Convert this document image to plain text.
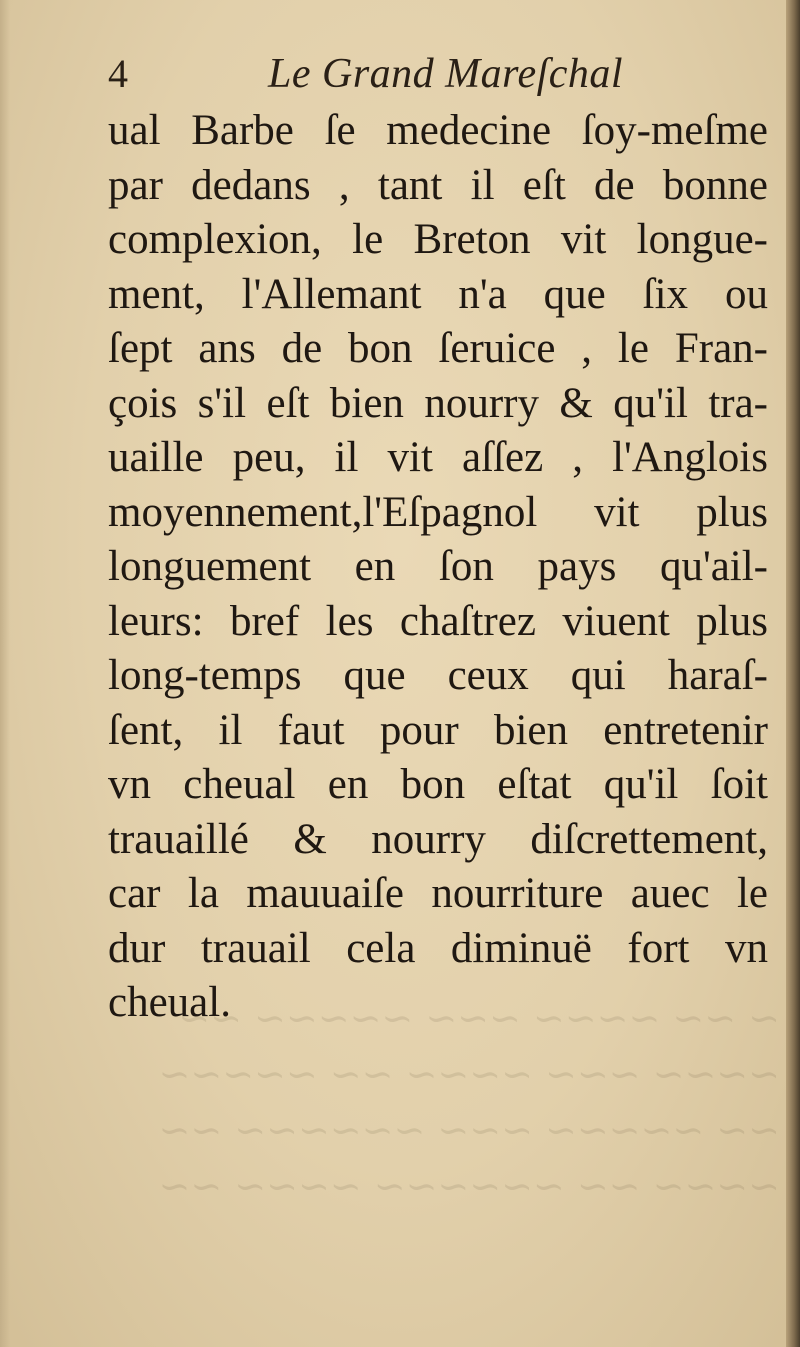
~ ~~ ~~~~ ~~~ ~~~~~ ~~
~~~~ ~~~ ~~~~ ~~ ~~~~~
~~ ~~~~~ ~~~ ~~~~~~ ~~
~~~~ ~~ ~~~~~~ ~~~~ ~~
4	Le Grand Mareſchal
ual Barbe ſe medecine ſoy-meſme
par dedans , tant il eſt de bonne
complexion, le Breton vit longue-
ment, l'Allemant n'a que ſix ou
ſept ans de bon ſeruice , le Fran-
çois s'il eſt bien nourry & qu'il tra-
uaille peu, il vit aſſez , l'Anglois
moyennement,l'Eſpagnol vit plus
longuement en ſon pays qu'ail-
leurs: bref les chaſtrez viuent plus
long-temps que ceux qui haraſ-
ſent, il faut pour bien entretenir
vn cheual en bon eſtat qu'il ſoit
trauaillé & nourry diſcrettement,
car la mauuaiſe nourriture auec le
dur trauail cela diminuë fort vn
cheual.
